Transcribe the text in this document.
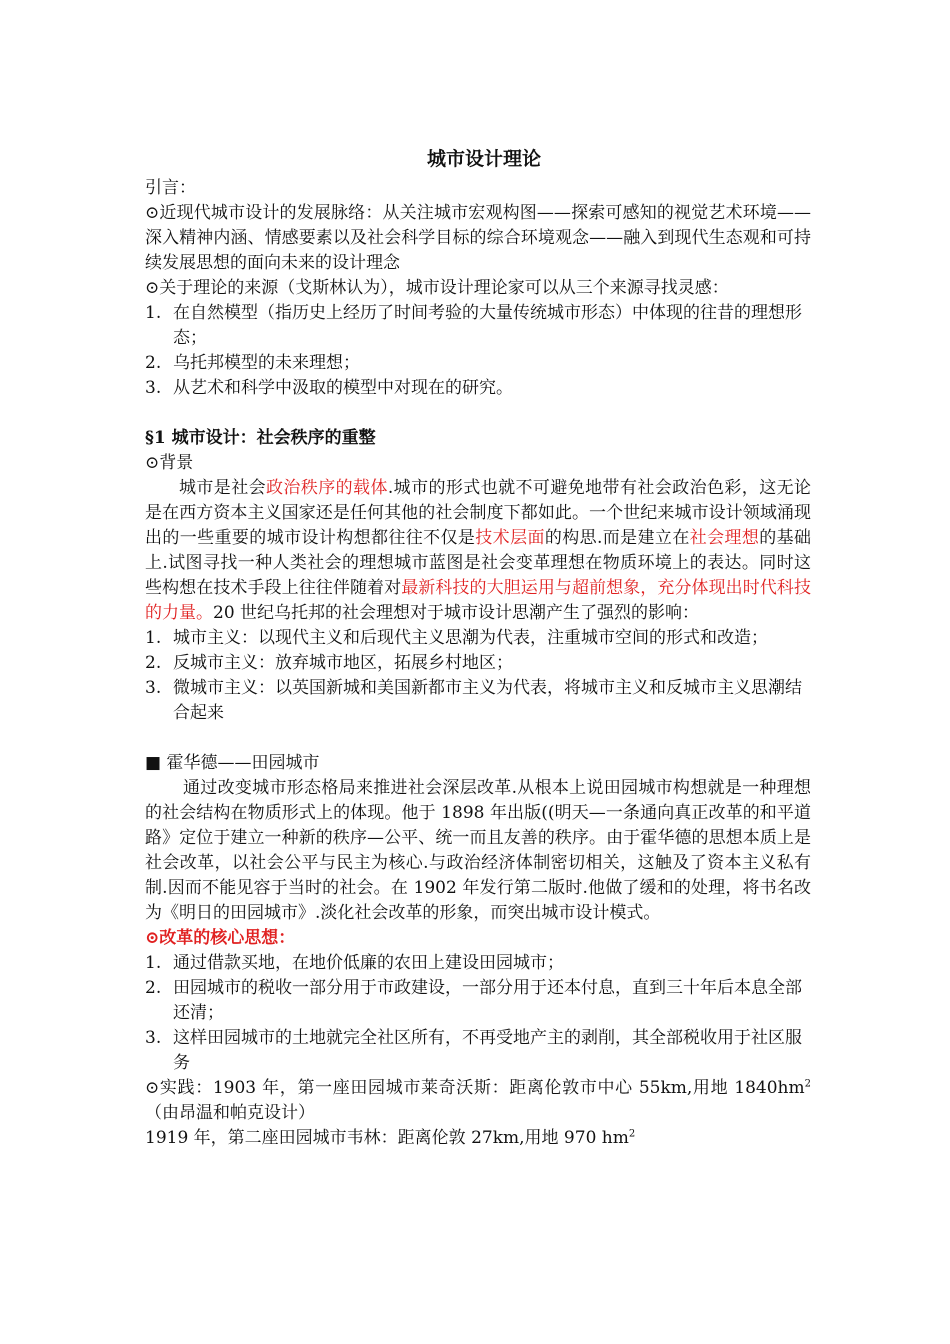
城市设计理论

引言：

⊙近现代城市设计的发展脉络：从关注城市宏观构图——探索可感知的视觉艺术环境——深入精神内涵、情感要素以及社会科学目标的综合环境观念——融入到现代生态观和可持续发展思想的面向未来的设计理念

⊙关于理论的来源（戈斯林认为），城市设计理论家可以从三个来源寻找灵感：

1. 在自然模型（指历史上经历了时间考验的大量传统城市形态）中体现的往昔的理想形态；
2. 乌托邦模型的未来理想；
3. 从艺术和科学中汲取的模型中对现在的研究。

§1 城市设计：社会秩序的重整

⊙背景

城市是社会政治秩序的载体.城市的形式也就不可避免地带有社会政治色彩，这无论是在西方资本主义国家还是任何其他的社会制度下都如此。一个世纪来城市设计领域涌现出的一些重要的城市设计构想都往往不仅是技术层面的构思.而是建立在社会理想的基础上.试图寻找一种人类社会的理想城市蓝图是社会变革理想在物质环境上的表达。同时这些构想在技术手段上往往伴随着对最新科技的大胆运用与超前想象，充分体现出时代科技的力量。20 世纪乌托邦的社会理想对于城市设计思潮产生了强烈的影响：

1. 城市主义：以现代主义和后现代主义思潮为代表，注重城市空间的形式和改造；
2. 反城市主义：放弃城市地区，拓展乡村地区；
3. 微城市主义：以英国新城和美国新都市主义为代表，将城市主义和反城市主义思潮结合起来

■ 霍华德——田园城市

通过改变城市形态格局来推进社会深层改革.从根本上说田园城市构想就是一种理想的社会结构在物质形式上的体现。他于 1898 年出版((明天—一条通向真正改革的和平道路》定位于建立一种新的秩序—公平、统一而且友善的秩序。由于霍华德的思想本质上是社会改革，以社会公平与民主为核心.与政治经济体制密切相关，这触及了资本主义私有制.因而不能见容于当时的社会。在 1902 年发行第二版时.他做了缓和的处理，将书名改为《明日的田园城市》.淡化社会改革的形象，而突出城市设计模式。

⊙改革的核心思想：

1. 通过借款买地，在地价低廉的农田上建设田园城市；
2. 田园城市的税收一部分用于市政建设，一部分用于还本付息，直到三十年后本息全部还清；
3. 这样田园城市的土地就完全社区所有，不再受地产主的剥削，其全部税收用于社区服务

⊙实践：1903 年，第一座田园城市莱奇沃斯：距离伦敦市中心 55km,用地 $1840hm^2$（由昂温和帕克设计）

1919 年，第二座田园城市韦林：距离伦敦 27km,用地 970 $hm^2$
